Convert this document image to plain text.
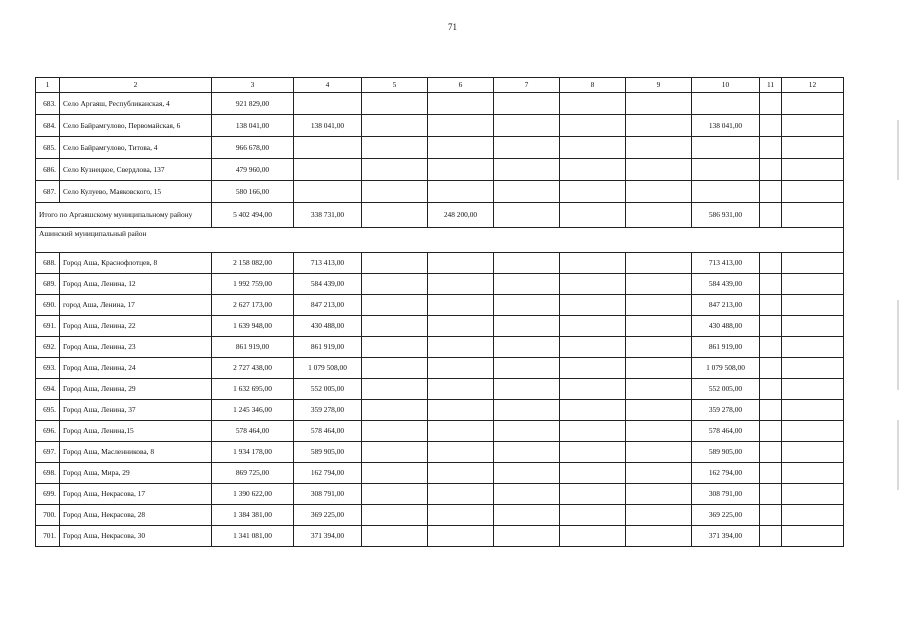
71
1	2	3	4	5	6	7	8	9	10	11	12
683.	Село Аргаяш, Республиканская, 4	921 829,00									
684.	Село Байрамгулово, Первомайская, 6	138 041,00	138 041,00						138 041,00		
685.	Село Байрамгулово, Титова, 4	966 678,00									
686.	Село Кузнецкое, Свердлова, 137	479 960,00									
687.	Село Кулуево, Маяковского, 15	580 166,00									
Итого по Аргаяшскому муниципальному району		5 402 494,00	338 731,00		248 200,00				586 931,00		
Ашинский муниципальный район											
688.	Город Аша, Краснофлотцев, 8	2 158 082,00	713 413,00						713 413,00		
689.	Город Аша, Ленина, 12	1 992 759,00	584 439,00						584 439,00		
690.	город Аша, Ленина, 17	2 627 173,00	847 213,00						847 213,00		
691.	Город Аша, Ленина, 22	1 639 948,00	430 488,00						430 488,00		
692.	Город Аша, Ленина, 23	861 919,00	861 919,00						861 919,00		
693.	Город Аша, Ленина, 24	2 727 438,00	1 079 508,00						1 079 508,00		
694.	Город Аша, Ленина, 29	1 632 695,00	552 005,00						552 005,00		
695.	Город Аша, Ленина, 37	1 245 346,00	359 278,00						359 278,00		
696.	Город Аша, Ленина,15	578 464,00	578 464,00						578 464,00		
697.	Город Аша, Масленникова, 8	1 934 178,00	589 905,00						589 905,00		
698.	Город Аша, Мира, 29	869 725,00	162 794,00						162 794,00		
699.	Город Аша, Некрасова, 17	1 390 622,00	308 791,00						308 791,00		
700.	Город Аша, Некрасова, 28	1 384 381,00	369 225,00						369 225,00		
701.	Город Аша, Некрасова, 30	1 341 081,00	371 394,00						371 394,00		
